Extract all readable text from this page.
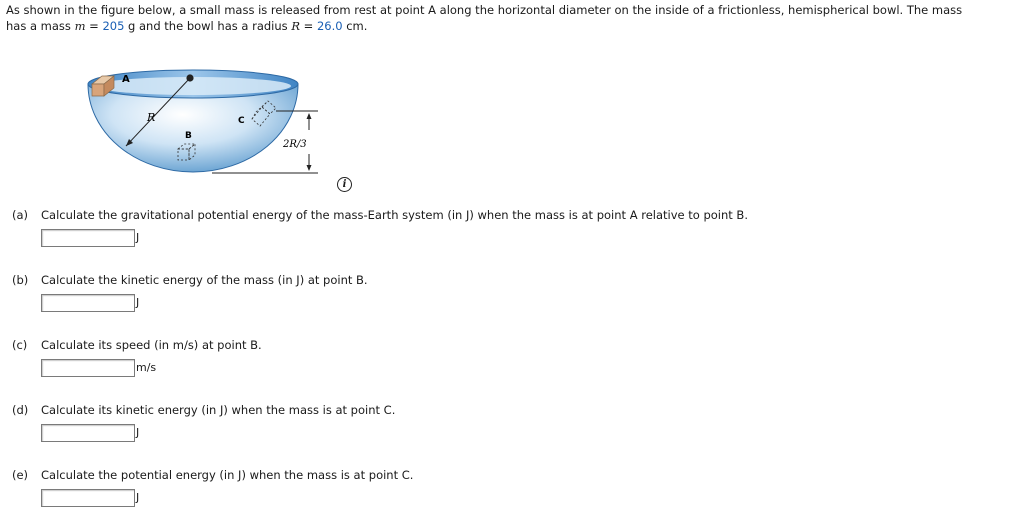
As shown in the figure below, a small mass is released from rest at point A along the horizontal diameter on the inside of a frictionless, hemispherical bowl. The mass
has a mass m = 205 g and the bowl has a radius R = 26.0 cm.
A
R
B
C
2R/3
i
(a) Calculate the gravitational potential energy of the mass-Earth system (in J) when the mass is at point A relative to point B.
J
(b) Calculate the kinetic energy of the mass (in J) at point B.
J
(c) Calculate its speed (in m/s) at point B.
m/s
(d) Calculate its kinetic energy (in J) when the mass is at point C.
J
(e) Calculate the potential energy (in J) when the mass is at point C.
J
